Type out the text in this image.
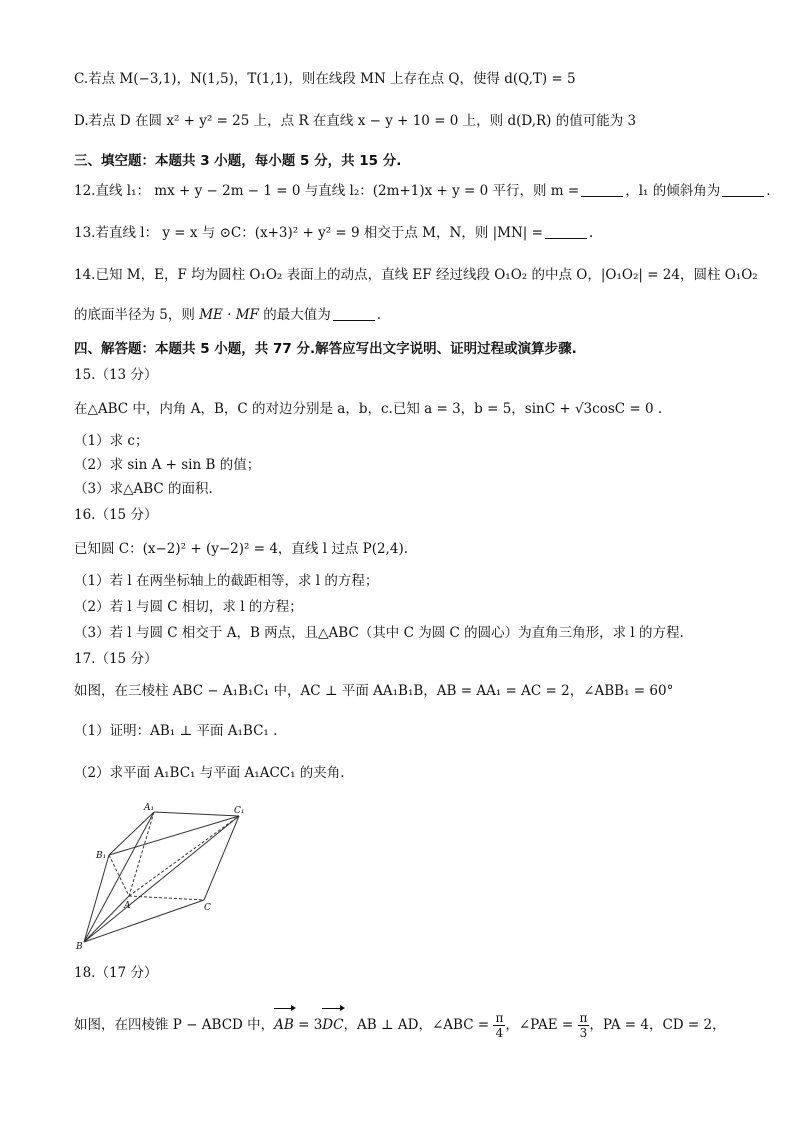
C.若点 M(−3,1)，N(1,5)，T(1,1)，则在线段 MN 上存在点 Q，使得 d(Q,T) = 5
D.若点 D 在圆 x² + y² = 25 上，点 R 在直线 x − y + 10 = 0 上，则 d(D,R) 的值可能为 3
三、填空题：本题共 3 小题，每小题 5 分，共 15 分.
12.直线 l₁： mx + y − 2m − 1 = 0 与直线 l₂：(2m+1)x + y = 0 平行，则 m =	，l₁ 的倾斜角为	.
13.若直线 l： y = x 与 ⊙C：(x+3)² + y² = 9 相交于点 M，N，则 |MN| =	.
14.已知 M，E，F 均为圆柱 O₁O₂ 表面上的动点，直线 EF 经过线段 O₁O₂ 的中点 O，|O₁O₂| = 24，圆柱 O₁O₂
的底面半径为 5，则 ME · MF 的最大值为	.
四、解答题：本题共 5 小题，共 77 分.解答应写出文字说明、证明过程或演算步骤.
15.（13 分）
在△ABC 中，内角 A，B，C 的对边分别是 a，b，c.已知 a = 3，b = 5，sinC + √3cosC = 0 .
（1）求 c；
（2）求 sin A + sin B 的值；
（3）求△ABC 的面积.
16.（15 分）
已知圆 C：(x−2)² + (y−2)² = 4，直线 l 过点 P(2,4).
（1）若 l 在两坐标轴上的截距相等，求 l 的方程；
（2）若 l 与圆 C 相切，求 l 的方程；
（3）若 l 与圆 C 相交于 A，B 两点，且△ABC（其中 C 为圆 C 的圆心）为直角三角形，求 l 的方程.
17.（15 分）
如图，在三棱柱 ABC − A₁B₁C₁ 中，AC ⊥ 平面 AA₁B₁B，AB = AA₁ = AC = 2，∠ABB₁ = 60°
（1）证明：AB₁ ⊥ 平面 A₁BC₁ .
（2）求平面 A₁BC₁ 与平面 A₁ACC₁ 的夹角.
A₁	C₁
B₁
A	C
B
18.（17 分）
如图，在四棱锥 P − ABCD 中，AB = 3DC，AB ⊥ AD，∠ABC = $\frac{\pi}{4}$ ，∠PAE = $\frac{\pi}{3}$ ，PA = 4，CD = 2，
